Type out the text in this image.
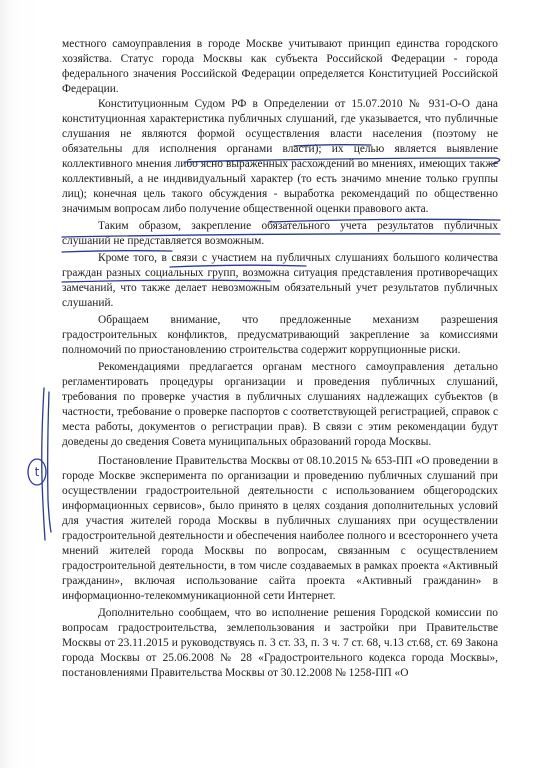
местного самоуправления в городе Москве учитывают принцип единства городского хозяйства. Статус города Москвы как субъекта Российской Федерации - города федерального значения Российской Федерации определяется Конституцией Российской Федерации.

Конституционным Судом РФ в Определении от 15.07.2010 № 931-О-О дана конституционная характеристика публичных слушаний, где указывается, что публичные слушания не являются формой осуществления власти населения (поэтому не обязательны для исполнения органами власти); их целью является выявление коллективного мнения либо ясно выраженных расхождений во мнениях, имеющих также коллективный, а не индивидуальный характер (то есть значимо мнение только группы лиц); конечная цель такого обсуждения - выработка рекомендаций по общественно значимым вопросам либо получение общественной оценки правового акта.

Таким образом, закрепление обязательного учета результатов публичных слушаний не представляется возможным.

Кроме того, в связи с участием на публичных слушаниях большого количества граждан разных социальных групп, возможна ситуация представления противоречащих замечаний, что также делает невозможным обязательный учет результатов публичных слушаний.

Обращаем внимание, что предложенные механизм разрешения градостроительных конфликтов, предусматривающий закрепление за комиссиями полномочий по приостановлению строительства содержит коррупционные риски.

Рекомендациями предлагается органам местного самоуправления детально регламентировать процедуры организации и проведения публичных слушаний, требования по проверке участия в публичных слушаниях надлежащих субъектов (в частности, требование о проверке паспортов с соответствующей регистрацией, справок с места работы, документов о регистрации прав). В связи с этим рекомендации будут доведены до сведения Совета муниципальных образований города Москвы.

Постановление Правительства Москвы от 08.10.2015 № 653-ПП «О проведении в городе Москве эксперимента по организации и проведению публичных слушаний при осуществлении градостроительной деятельности с использованием общегородских информационных сервисов», было принято в целях создания дополнительных условий для участия жителей города Москвы в публичных слушаниях при осуществлении градостроительной деятельности и обеспечения наиболее полного и всестороннего учета мнений жителей города Москвы по вопросам, связанным с осуществлением градостроительной деятельности, в том числе создаваемых в рамках проекта «Активный гражданин», включая использование сайта проекта «Активный гражданин» в информационно-телекоммуникационной сети Интернет.

Дополнительно сообщаем, что во исполнение решения Городской комиссии по вопросам градостроительства, землепользования и застройки при Правительстве Москвы от 23.11.2015 и руководствуясь п. 3 ст. 33, п. 3 ч. 7 ст. 68, ч.13 ст.68, ст. 69 Закона города Москвы от 25.06.2008 № 28 «Градостроительного кодекса города Москвы», постановлениями Правительства Москвы от 30.12.2008 № 1258-ПП «О

t
